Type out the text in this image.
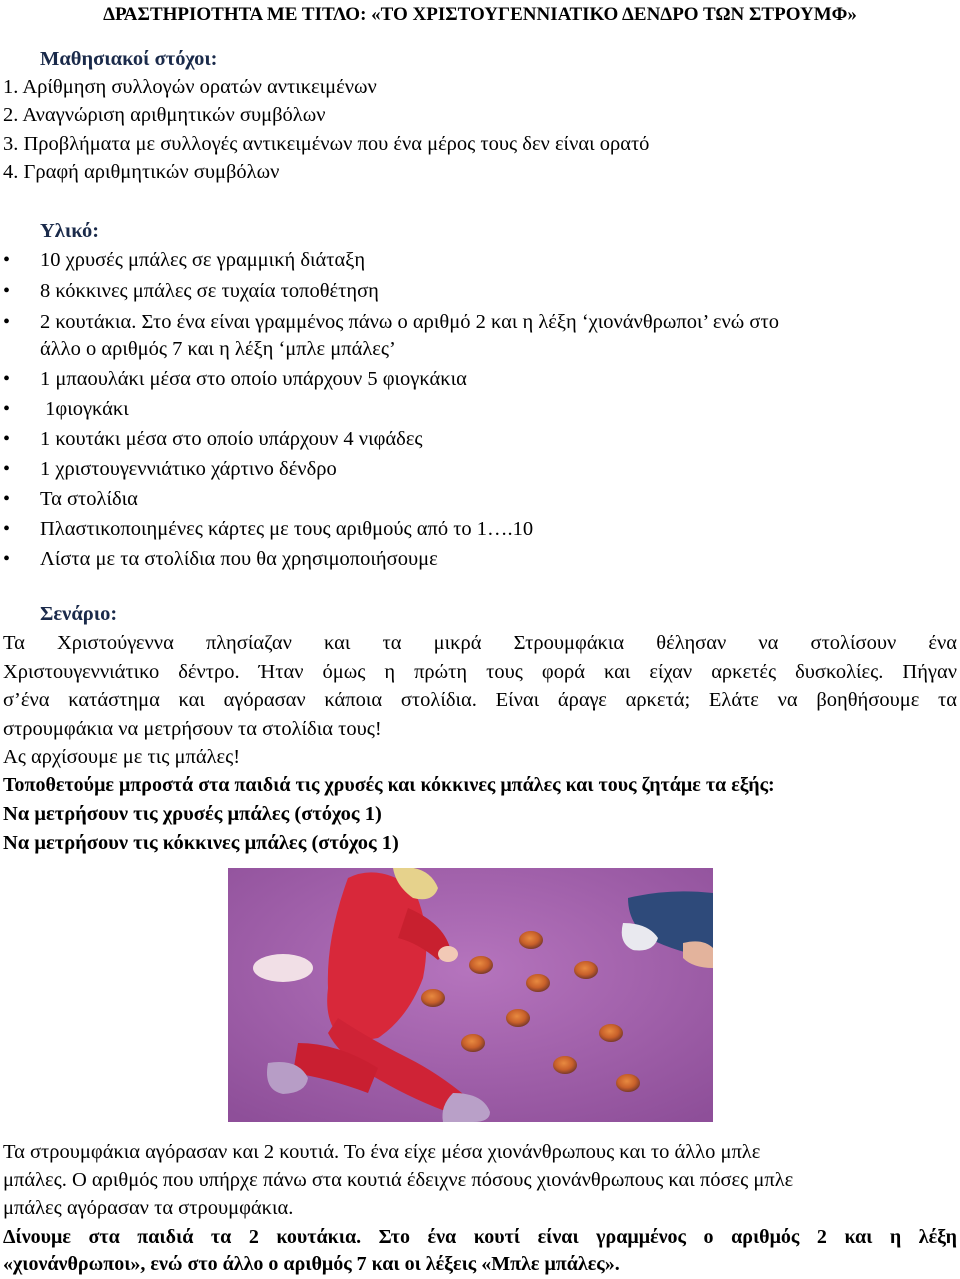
ΔΡΑΣΤΗΡΙΟΤΗΤΑ ΜΕ ΤΙΤΛΟ: «ΤΟ ΧΡΙΣΤΟΥΓΕΝΝΙΑΤΙΚΟ ΔΕΝΔΡΟ ΤΩΝ ΣΤΡΟΥΜΦ»
Μαθησιακοί στόχοι:
1. Αρίθμηση συλλογών ορατών αντικειμένων
2. Αναγνώριση αριθμητικών συμβόλων
3. Προβλήματα με συλλογές αντικειμένων που ένα μέρος τους δεν είναι ορατό
4. Γραφή αριθμητικών συμβόλων
Υλικό:
• 10 χρυσές μπάλες σε γραμμική διάταξη
• 8 κόκκινες μπάλες σε τυχαία τοποθέτηση
• 2 κουτάκια. Στο ένα είναι γραμμένος πάνω ο αριθμό 2 και η λέξη ‘χιονάνθρωποι’ ενώ στο
άλλο ο αριθμός 7 και η λέξη ‘μπλε μπάλες’
• 1 μπαουλάκι μέσα στο οποίο υπάρχουν 5 φιογκάκια
• 1φιογκάκι
• 1 κουτάκι μέσα στο οποίο υπάρχουν 4 νιφάδες
• 1 χριστουγεννιάτικο χάρτινο δένδρο
• Τα στολίδια
• Πλαστικοποιημένες κάρτες με τους αριθμούς από το 1….10
• Λίστα με τα στολίδια που θα χρησιμοποιήσουμε
Σενάριο:
Τα Χριστούγεννα πλησίαζαν και τα μικρά Στρουμφάκια θέλησαν να στολίσουν ένα
Χριστουγεννιάτικο δέντρο. Ήταν όμως η πρώτη τους φορά και είχαν αρκετές δυσκολίες. Πήγαν
σ’ένα κατάστημα και αγόρασαν κάποια στολίδια. Είναι άραγε αρκετά; Ελάτε να βοηθήσουμε τα
στρουμφάκια να μετρήσουν τα στολίδια τους!
Ας αρχίσουμε με τις μπάλες!
Τοποθετούμε μπροστά στα παιδιά τις χρυσές και κόκκινες μπάλες και τους ζητάμε τα εξής:
Να μετρήσουν τις χρυσές μπάλες (στόχος 1)
Να μετρήσουν τις κόκκινες μπάλες (στόχος 1)
Τα στρουμφάκια αγόρασαν και 2 κουτιά. Το ένα είχε μέσα χιονάνθρωπους και το άλλο μπλε
μπάλες. Ο αριθμός που υπήρχε πάνω στα κουτιά έδειχνε πόσους χιονάνθρωπους και πόσες μπλε
μπάλες αγόρασαν τα στρουμφάκια.
Δίνουμε στα παιδιά τα 2 κουτάκια. Στο ένα κουτί είναι γραμμένος ο αριθμός 2 και η λέξη
«χιονάνθρωποι», ενώ στο άλλο ο αριθμός 7 και οι λέξεις «Μπλε μπάλες».
